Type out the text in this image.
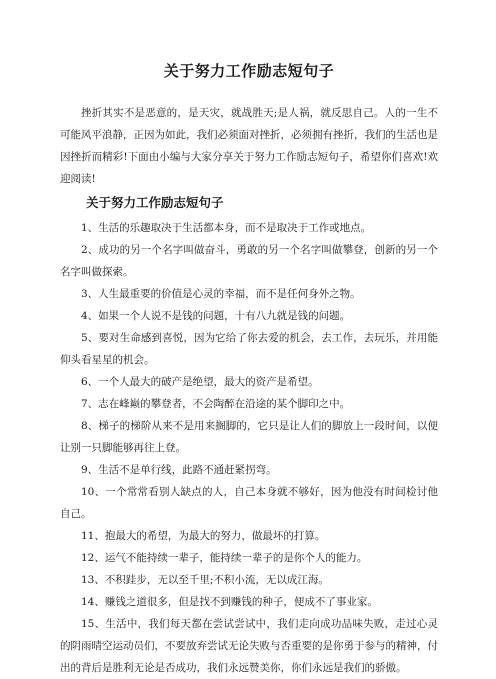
关于努力工作励志短句子

挫折其实不是恶意的，是天灾，就战胜天;是人祸，就反思自己。人的一生不可能风平浪静，正因为如此，我们必须面对挫折，必须拥有挫折，我们的生活也是因挫折而精彩!下面由小编与大家分享关于努力工作励志短句子，希望你们喜欢!欢迎阅读!

关于努力工作励志短句子

1、生活的乐趣取决于生活都本身，而不是取决于工作或地点。

2、成功的另一个名字叫做奋斗，勇敢的另一个名字叫做攀登，创新的另一个名字叫做探索。

3、人生最重要的价值是心灵的幸福，而不是任何身外之物。

4、如果一个人说不是钱的问题，十有八九就是钱的问题。

5、要对生命感到喜悦，因为它给了你去爱的机会，去工作，去玩乐，并用能仰头看星星的机会。

6、一个人最大的破产是绝望，最大的资产是希望。

7、志在峰巅的攀登者，不会陶醉在沿途的某个脚印之中。

8、梯子的梯阶从来不是用来搁脚的，它只是让人们的脚放上一段时间，以便让别一只脚能够再往上登。

9、生活不是单行线，此路不通赶紧拐弯。

10、一个常常看别人缺点的人，自己本身就不够好，因为他没有时间检讨他自己。

11、抱最大的希望，为最大的努力，做最坏的打算。

12、运气不能持续一辈子，能持续一辈子的是你个人的能力。

13、不积跬步，无以至千里;不积小流，无以成江海。

14、赚钱之道很多，但是找不到赚钱的种子，便成不了事业家。

15、生活中，我们每天都在尝试尝试中，我们走向成功品味失败，走过心灵的阴雨晴空运动员们，不要放弃尝试无论失败与否重要的是你勇于参与的精神，付出的背后是胜利无论是否成功，我们永远赞美你，你们永远是我们的骄傲。
